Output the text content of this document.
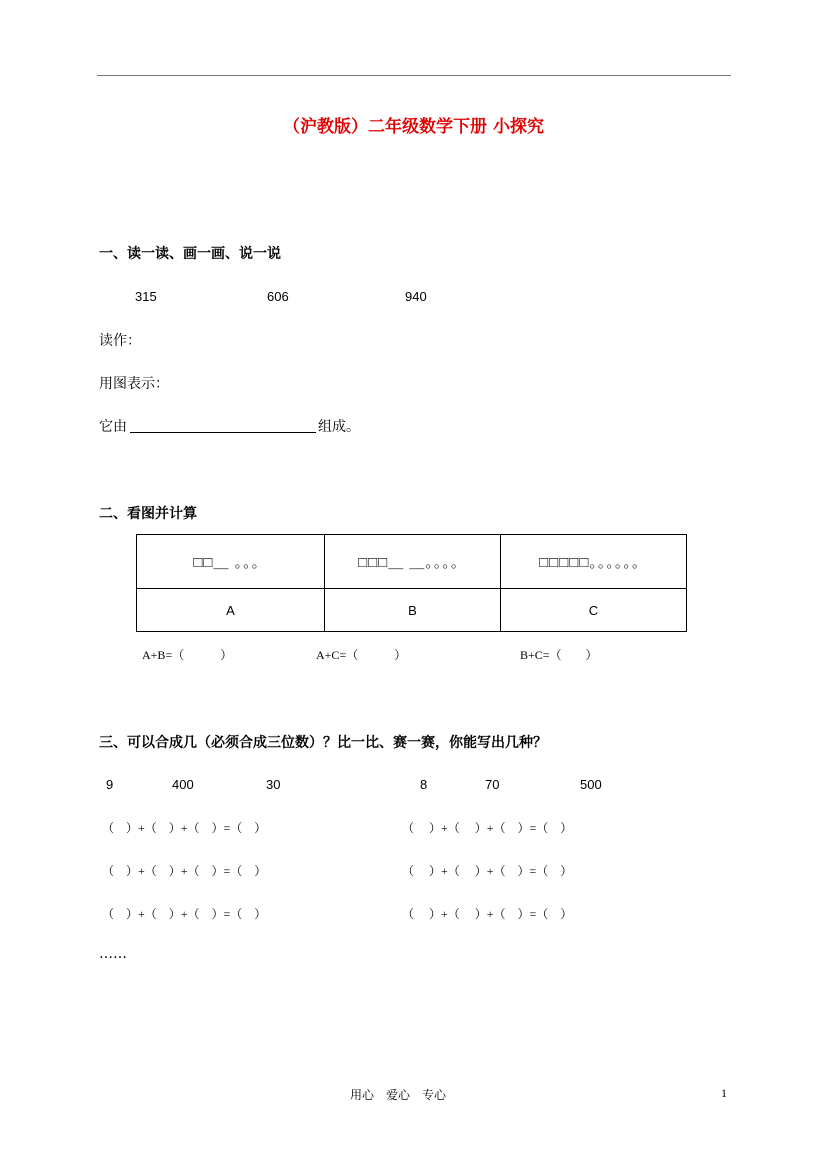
（沪教版）二年级数学下册 小探究
一、读一读、画一画、说一说
315	606	940
读作：
用图表示：
它由	组成。
二、看图并计算
□□＿ 。。。	□□□＿ ＿。。。。	□□□□□。。。。。。
A	B	C
A+B=（　　　）	A+C=（　　　）	B+C=（　　）
三、可以合成几（必须合成三位数）？比一比、赛一赛，你能写出几种？
9	400	30	8	70	500
（　）+（　）+（　）=（　）	（　 ）+（　 ）+（　）=（　）
（　）+（　）+（　）=（　）	（　 ）+（　 ）+（　）=（　）
（　）+（　）+（　）=（　）	（　 ）+（　 ）+（　）=（　）
……
用心　爱心　专心	1
